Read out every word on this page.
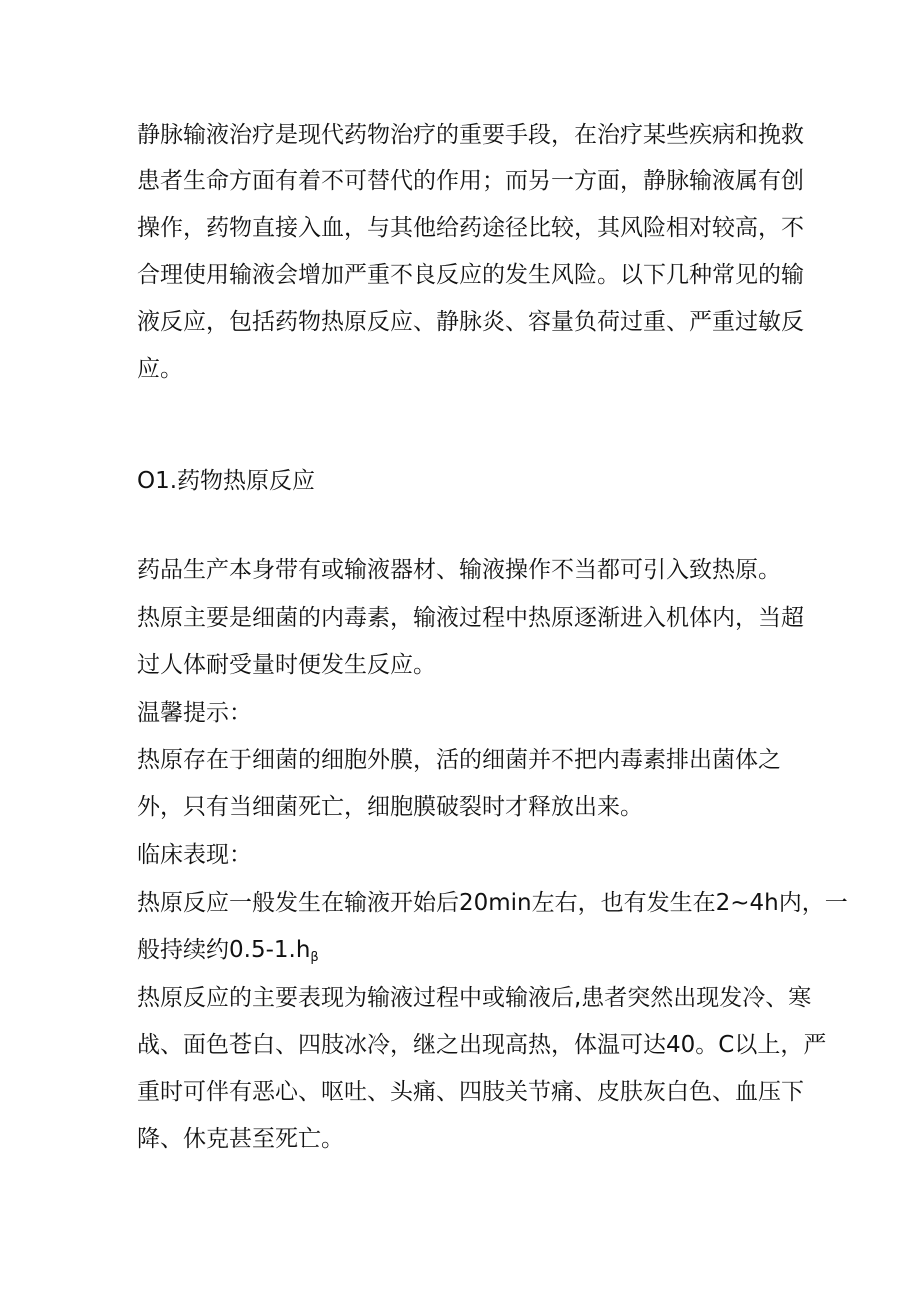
静脉输液治疗是现代药物治疗的重要手段，在治疗某些疾病和挽救
患者生命方面有着不可替代的作用；而另一方面，静脉输液属有创
操作，药物直接入血，与其他给药途径比较，其风险相对较高，不
合理使用输液会增加严重不良反应的发生风险。以下几种常见的输
液反应，包括药物热原反应、静脉炎、容量负荷过重、严重过敏反
应。
O1.药物热原反应
药品生产本身带有或输液器材、输液操作不当都可引入致热原。
热原主要是细菌的内毒素，输液过程中热原逐渐进入机体内，当超
过人体耐受量时便发生反应。
温馨提示：
热原存在于细菌的细胞外膜，活的细菌并不把内毒素排出菌体之
外，只有当细菌死亡，细胞膜破裂时才释放出来。
临床表现：
热原反应一般发生在输液开始后20min左右，也有发生在2~4h内，一
般持续约$0.5-1.h_\beta$
热原反应的主要表现为输液过程中或输液后,患者突然出现发冷、寒
战、面色苍白、四肢冰冷，继之出现高热，体温可达40。C以上，严
重时可伴有恶心、呕吐、头痛、四肢关节痛、皮肤灰白色、血压下
降、休克甚至死亡。
